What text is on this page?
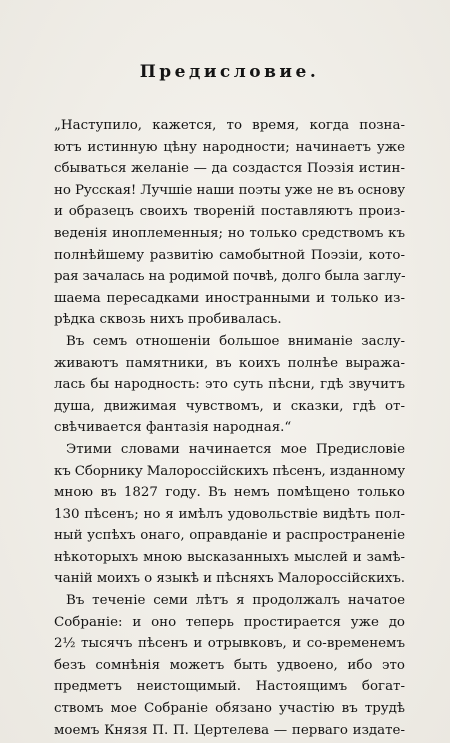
Предисловие.
„Наступило, кажется, то время, когда позна-
ютъ истинную цѣну народности; начинаетъ уже
сбываться желаніе — да создастся Поэзія истин-
но Русская! Лучшіе наши поэты уже не въ основу
и образецъ своихъ твореній поставляютъ произ-
веденія иноплеменныя; но только средствомъ къ
полнѣйшему развитію самобытной Поэзіи, кото-
рая зачалась на родимой почвѣ, долго была заглу-
шаема пересадками иностранными и только из-
рѣдка сквозь нихъ пробивалась.
Въ семъ отношеніи большое вниманіе заслу-
живаютъ памятники, въ коихъ полнѣе выража-
лась бы народность: это суть пѣсни, гдѣ звучитъ
душа, движимая чувствомъ, и сказки, гдѣ от-
свѣчивается фантазія народная.“
Этими словами начинается мое Предисловіе
къ Сборнику Малороссійскихъ пѣсенъ, изданному
мною въ 1827 году. Въ немъ помѣщено только
130 пѣсенъ; но я имѣлъ удовольствіе видѣть пол-
ный успѣхъ онаго, оправданіе и распространеніе
нѣкоторыхъ мною высказанныхъ мыслей и замѣ-
чаній моихъ о языкѣ и пѣсняхъ Малороссійскихъ.
Въ теченіе семи лѣтъ я продолжалъ начатое
Собраніе: и оно теперь простирается уже до
2½ тысячъ пѣсенъ и отрывковъ, и со-временемъ
безъ сомнѣнія можетъ быть удвоено, ибо это
предметъ неистощимый. Настоящимъ богат-
ствомъ мое Собраніе обязано участію въ трудѣ
моемъ Князя П. П. Цертелева — перваго издате-
